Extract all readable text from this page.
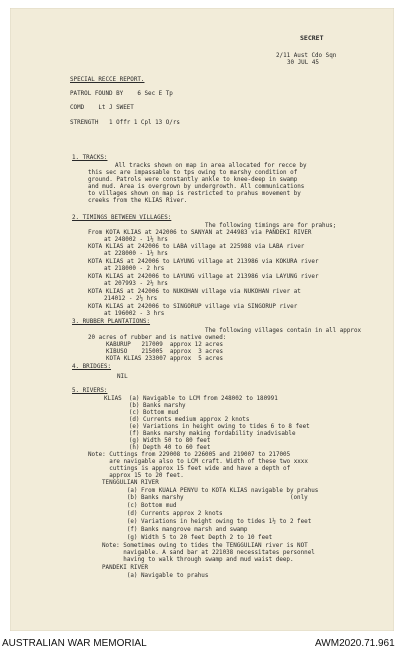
SECRET
2/11 Aust Cdo Sqn
30 JUL 45
SPECIAL RECCE REPORT.
PATROL FOUND BY    6 Sec E Tp
COMD    Lt J SWEET
STRENGTH   1 Offr 1 Cpl 13 O/rs
1. TRACKS:
All tracks shown on map in area allocated for recce by
this sec are impassable to tps owing to marshy condition of
ground. Patrols were constantly ankle to knee-deep in swamp
and mud. Area is overgrown by undergrowth. All communications
to villages shown on map is restricted to prahus movement by
creeks from the KLIAS River.
2. TIMINGS BETWEEN VILLAGES:
The following timings are for prahus;
From KOTA KLIAS at 242006 to SANYAN at 244983 via PANDEKI RIVER
at 248002 - 1½ hrs
KOTA KLIAS at 242006 to LABA village at 225988 via LABA river
at 228000 - 1½ hrs
KOTA KLIAS at 242006 to LAYUNG village at 213986 via KOKURA river
at 218000 - 2 hrs
KOTA KLIAS at 242006 to LAYUNG village at 213986 via LAYUNG river
at 207993 - 2½ hrs
KOTA KLIAS at 242006 to NUKOHAN village via NUKOHAN river at
214012 - 2½ hrs
KOTA KLIAS at 242006 to SINGORUP village via SINGORUP river
at 196002 - 3 hrs
3. RUBBER PLANTATIONS:
The following villages contain in all approx
20 acres of rubber and is native owned:
KABURUP   217009  approx 12 acres
KIBUSO    215005  approx  3 acres
KOTA KLIAS 233007 approx  5 acres
4. BRIDGES:
NIL
5. RIVERS:
KLIAS  (a) Navigable to LCM from 248002 to 180991
(b) Banks marshy
(c) Bottom mud
(d) Currents medium approx 2 knots
(e) Variations in height owing to tides 6 to 8 feet
(f) Banks marshy making fordability inadvisable
(g) Width 50 to 80 feet
(h) Depth 40 to 60 feet
Note: Cuttings from 229008 to 226005 and 219007 to 217005
are navigable also to LCM craft. Width of these two xxxx
cuttings is approx 15 feet wide and have a depth of
approx 15 to 20 feet.
TENGGULIAN RIVER
(a) From KUALA PENYU to KOTA KLIAS navigable by prahus
(b) Banks marshy                              (only
(c) Bottom mud
(d) Currents approx 2 knots
(e) Variations in height owing to tides 1½ to 2 feet
(f) Banks mangrove marsh and swamp
(g) Width 5 to 20 feet Depth 2 to 10 feet
Note: Sometimes owing to tides the TENGGULIAN river is NOT
navigable. A sand bar at 221038 necessitates personnel
having to walk through swamp and mud waist deep.
PANDEKI RIVER
(a) Navigable to prahus
AUSTRALIAN WAR MEMORIAL	AWM2020.71.961
